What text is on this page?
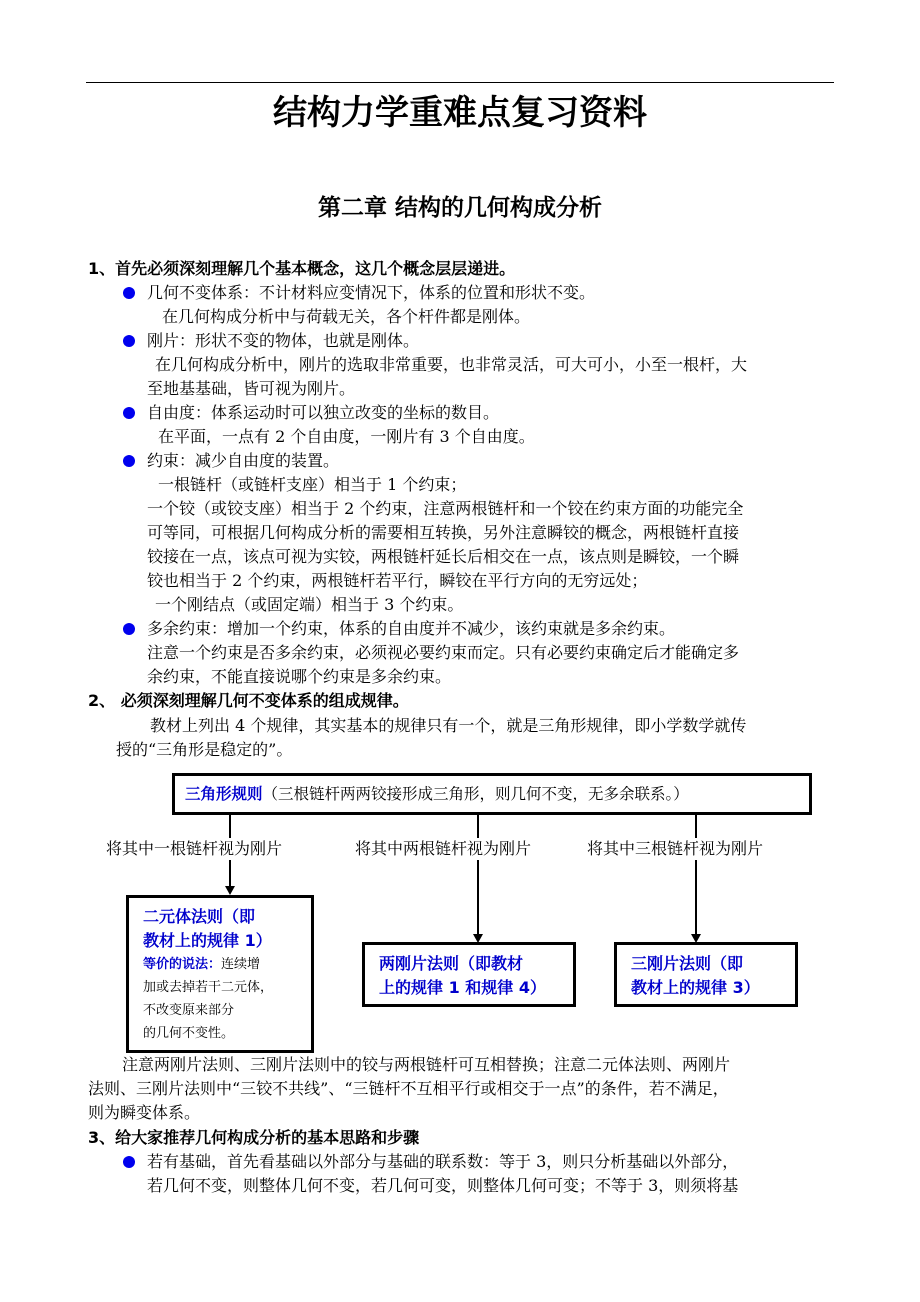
结构力学重难点复习资料
第二章 结构的几何构成分析
1、首先必须深刻理解几个基本概念，这几个概念层层递进。
几何不变体系：不计材料应变情况下，体系的位置和形状不变。
在几何构成分析中与荷载无关，各个杆件都是刚体。
刚片：形状不变的物体，也就是刚体。
在几何构成分析中，刚片的选取非常重要，也非常灵活，可大可小，小至一根杆，大
至地基基础，皆可视为刚片。
自由度：体系运动时可以独立改变的坐标的数目。
在平面，一点有 2 个自由度，一刚片有 3 个自由度。
约束：减少自由度的装置。
一根链杆（或链杆支座）相当于 1 个约束；
一个铰（或铰支座）相当于 2 个约束，注意两根链杆和一个铰在约束方面的功能完全
可等同，可根据几何构成分析的需要相互转换，另外注意瞬铰的概念，两根链杆直接
铰接在一点，该点可视为实铰，两根链杆延长后相交在一点，该点则是瞬铰，一个瞬
铰也相当于 2 个约束，两根链杆若平行，瞬铰在平行方向的无穷远处；
一个刚结点（或固定端）相当于 3 个约束。
多余约束：增加一个约束，体系的自由度并不减少，该约束就是多余约束。
注意一个约束是否多余约束，必须视必要约束而定。只有必要约束确定后才能确定多
余约束，不能直接说哪个约束是多余约束。
2、 必须深刻理解几何不变体系的组成规律。
教材上列出 4 个规律，其实基本的规律只有一个，就是三角形规律，即小学数学就传
授的“三角形是稳定的”。
三角形规则（三根链杆两两铰接形成三角形，则几何不变，无多余联系。）
将其中一根链杆视为刚片	将其中两根链杆视为刚片	将其中三根链杆视为刚片
二元体法则（即
教材上的规律 1）
等价的说法：连续增
加或去掉若干二元体，
不改变原来部分
的几何不变性。
两刚片法则（即教材
上的规律 1 和规律 4）
三刚片法则（即
教材上的规律 3）
注意两刚片法则、三刚片法则中的铰与两根链杆可互相替换；注意二元体法则、两刚片
法则、三刚片法则中“三铰不共线”、“三链杆不互相平行或相交于一点”的条件，若不满足，
则为瞬变体系。
3、给大家推荐几何构成分析的基本思路和步骤
若有基础，首先看基础以外部分与基础的联系数：等于 3，则只分析基础以外部分，
若几何不变，则整体几何不变，若几何可变，则整体几何可变；不等于 3，则须将基
